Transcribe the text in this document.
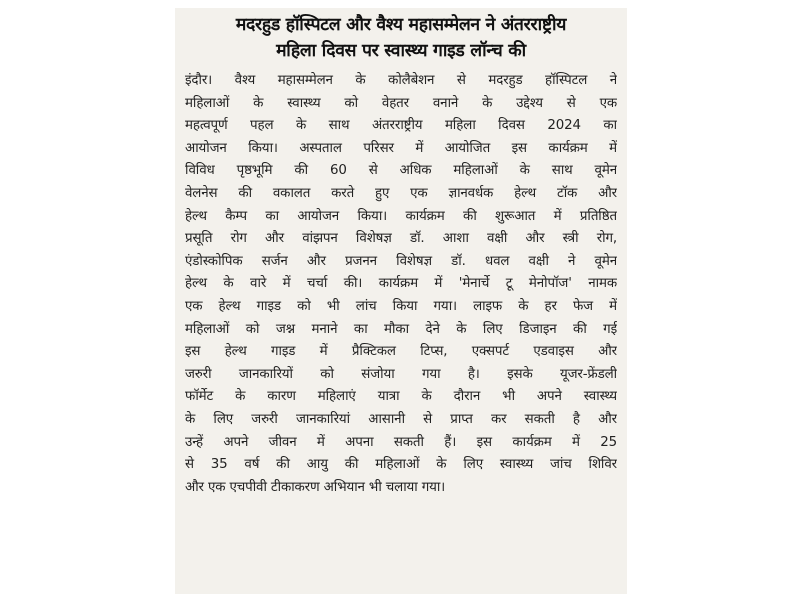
मदरहुड हॉस्पिटल और वैश्य महासम्मेलन ने अंतरराष्ट्रीय
महिला दिवस पर स्वास्थ्य गाइड लॉन्च की
इंदौर। वैश्य महासम्मेलन के कोलैबेशन से मदरहुड हॉस्पिटल ने
महिलाओं के स्वास्थ्य को वेहतर वनाने के उद्देश्य से एक
महत्वपूर्ण पहल के साथ अंतरराष्ट्रीय महिला दिवस 2024 का
आयोजन किया। अस्पताल परिसर में आयोजित इस कार्यक्रम में
विविध पृष्ठभूमि की 60 से अधिक महिलाओं के साथ वूमेन
वेलनेस की वकालत करते हुए एक ज्ञानवर्धक हेल्थ टॉक और
हेल्थ कैम्प का आयोजन किया। कार्यक्रम की शुरूआत में प्रतिष्ठित
प्रसूति रोग और वांझपन विशेषज्ञ डॉ. आशा वक्षी और स्त्री रोग,
एंडोस्कोपिक सर्जन और प्रजनन विशेषज्ञ डॉ. धवल वक्षी ने वूमेन
हेल्थ के वारे में चर्चा की। कार्यक्रम में 'मेनार्चे टू मेनोपॉज' नामक
एक हेल्थ गाइड को भी लांच किया गया। लाइफ के हर फेज में
महिलाओं को जश्न मनाने का मौका देने के लिए डिजाइन की गई
इस हेल्थ गाइड में प्रैक्टिकल टिप्स, एक्सपर्ट एडवाइस और
जरुरी जानकारियों को संजोया गया है। इसके यूजर-फ्रेंडली
फॉर्मेट के कारण महिलाएं यात्रा के दौरान भी अपने स्वास्थ्य
के लिए जरुरी जानकारियां आसानी से प्राप्त कर सकती है और
उन्हें अपने जीवन में अपना सकती हैं। इस कार्यक्रम में 25
से 35 वर्ष की आयु की महिलाओं के लिए स्वास्थ्य जांच शिविर
और एक एचपीवी टीकाकरण अभियान भी चलाया गया।
